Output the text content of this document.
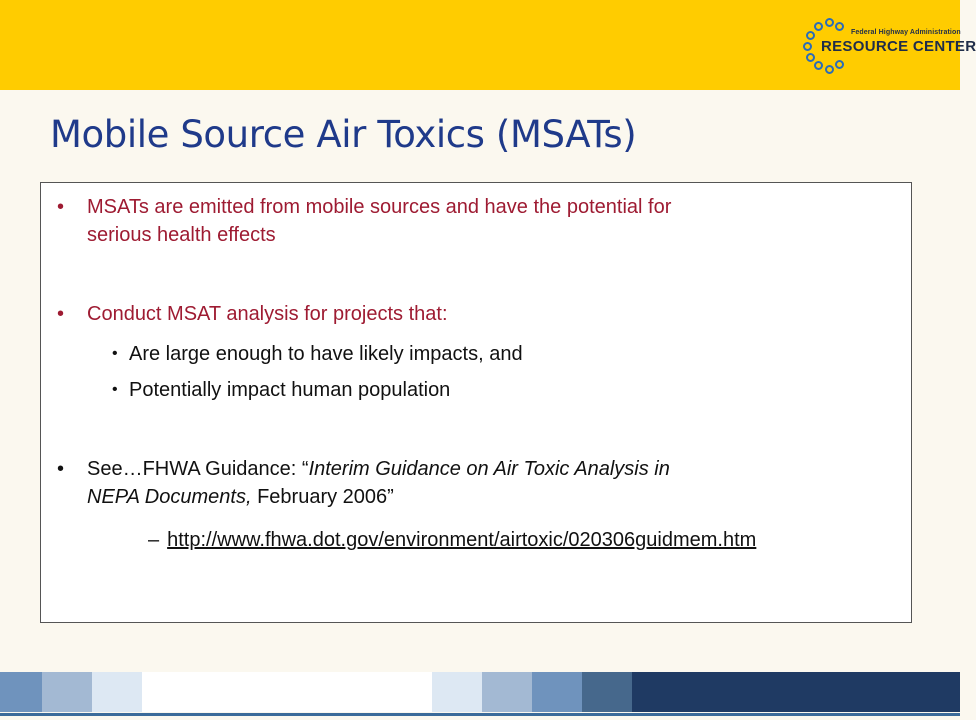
Federal Highway Administration
RESOURCE CENTER
Mobile Source Air Toxics (MSATs)
• MSATs are emitted from mobile sources and have the potential for
serious health effects
• Conduct MSAT analysis for projects that:
• Are large enough to have likely impacts, and
• Potentially impact human population
• See…FHWA Guidance: “Interim Guidance on Air Toxic Analysis in
NEPA Documents, February 2006”
– http://www.fhwa.dot.gov/environment/airtoxic/020306guidmem.htm
